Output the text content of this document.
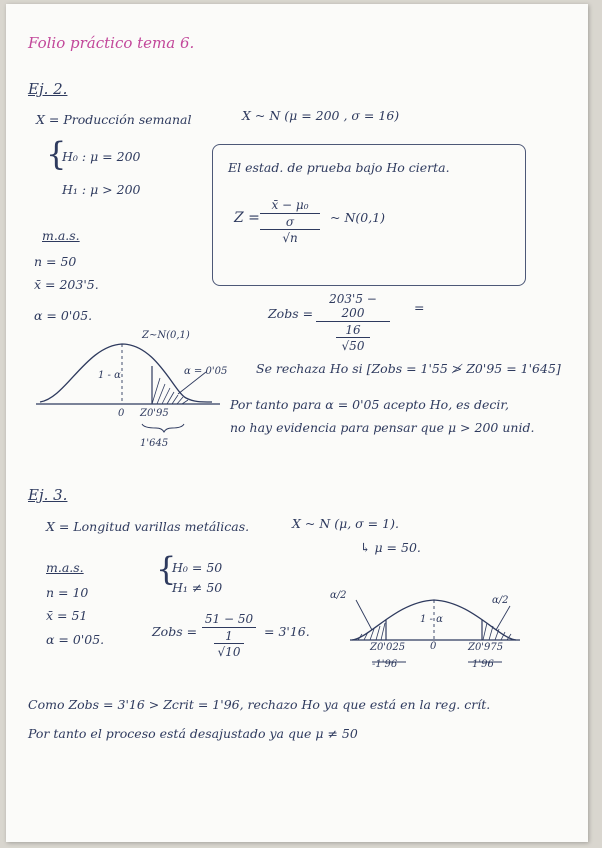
Folio práctico tema 6.
Ej. 2.
X = Producción semanal	X ~ N (μ = 200 , σ = 16)
{
H₀ : μ = 200
H₁ : μ > 200
El estad. de prueba bajo Ho cierta.
Z =
x̄ − μ₀
σ
√n
~ N(0,1)
m.a.s.
n = 50
x̄ = 203'5.
α = 0'05.	Zobs =
203'5 − 200
16
√50
=
Z~N(0,1)
1 - α	α = 0'05
0 Z0'95
1'645
Se rechaza Ho si [Zobs = 1'55 ≯ Z0'95 = 1'645]
Por tanto para α = 0'05 acepto Ho, es decir,
no hay evidencia para pensar que μ > 200 unid.
Ej. 3.
X = Longitud varillas metálicas.	X ~ N (μ, σ = 1).
↳ μ = 50.
m.a.s.
n = 10
x̄ = 51
α = 0'05.
{
H₀ = 50
H₁ ≠ 50
Zobs =
51 − 50
1
√10
= 3'16.
α/2	α/2
1 - α
0
Z0'025
-1'96
Z0'975
1'96
Como Zobs = 3'16 > Zcrit = 1'96, rechazo Ho ya que está en la reg. crít.
Por tanto el proceso está desajustado ya que μ ≠ 50
